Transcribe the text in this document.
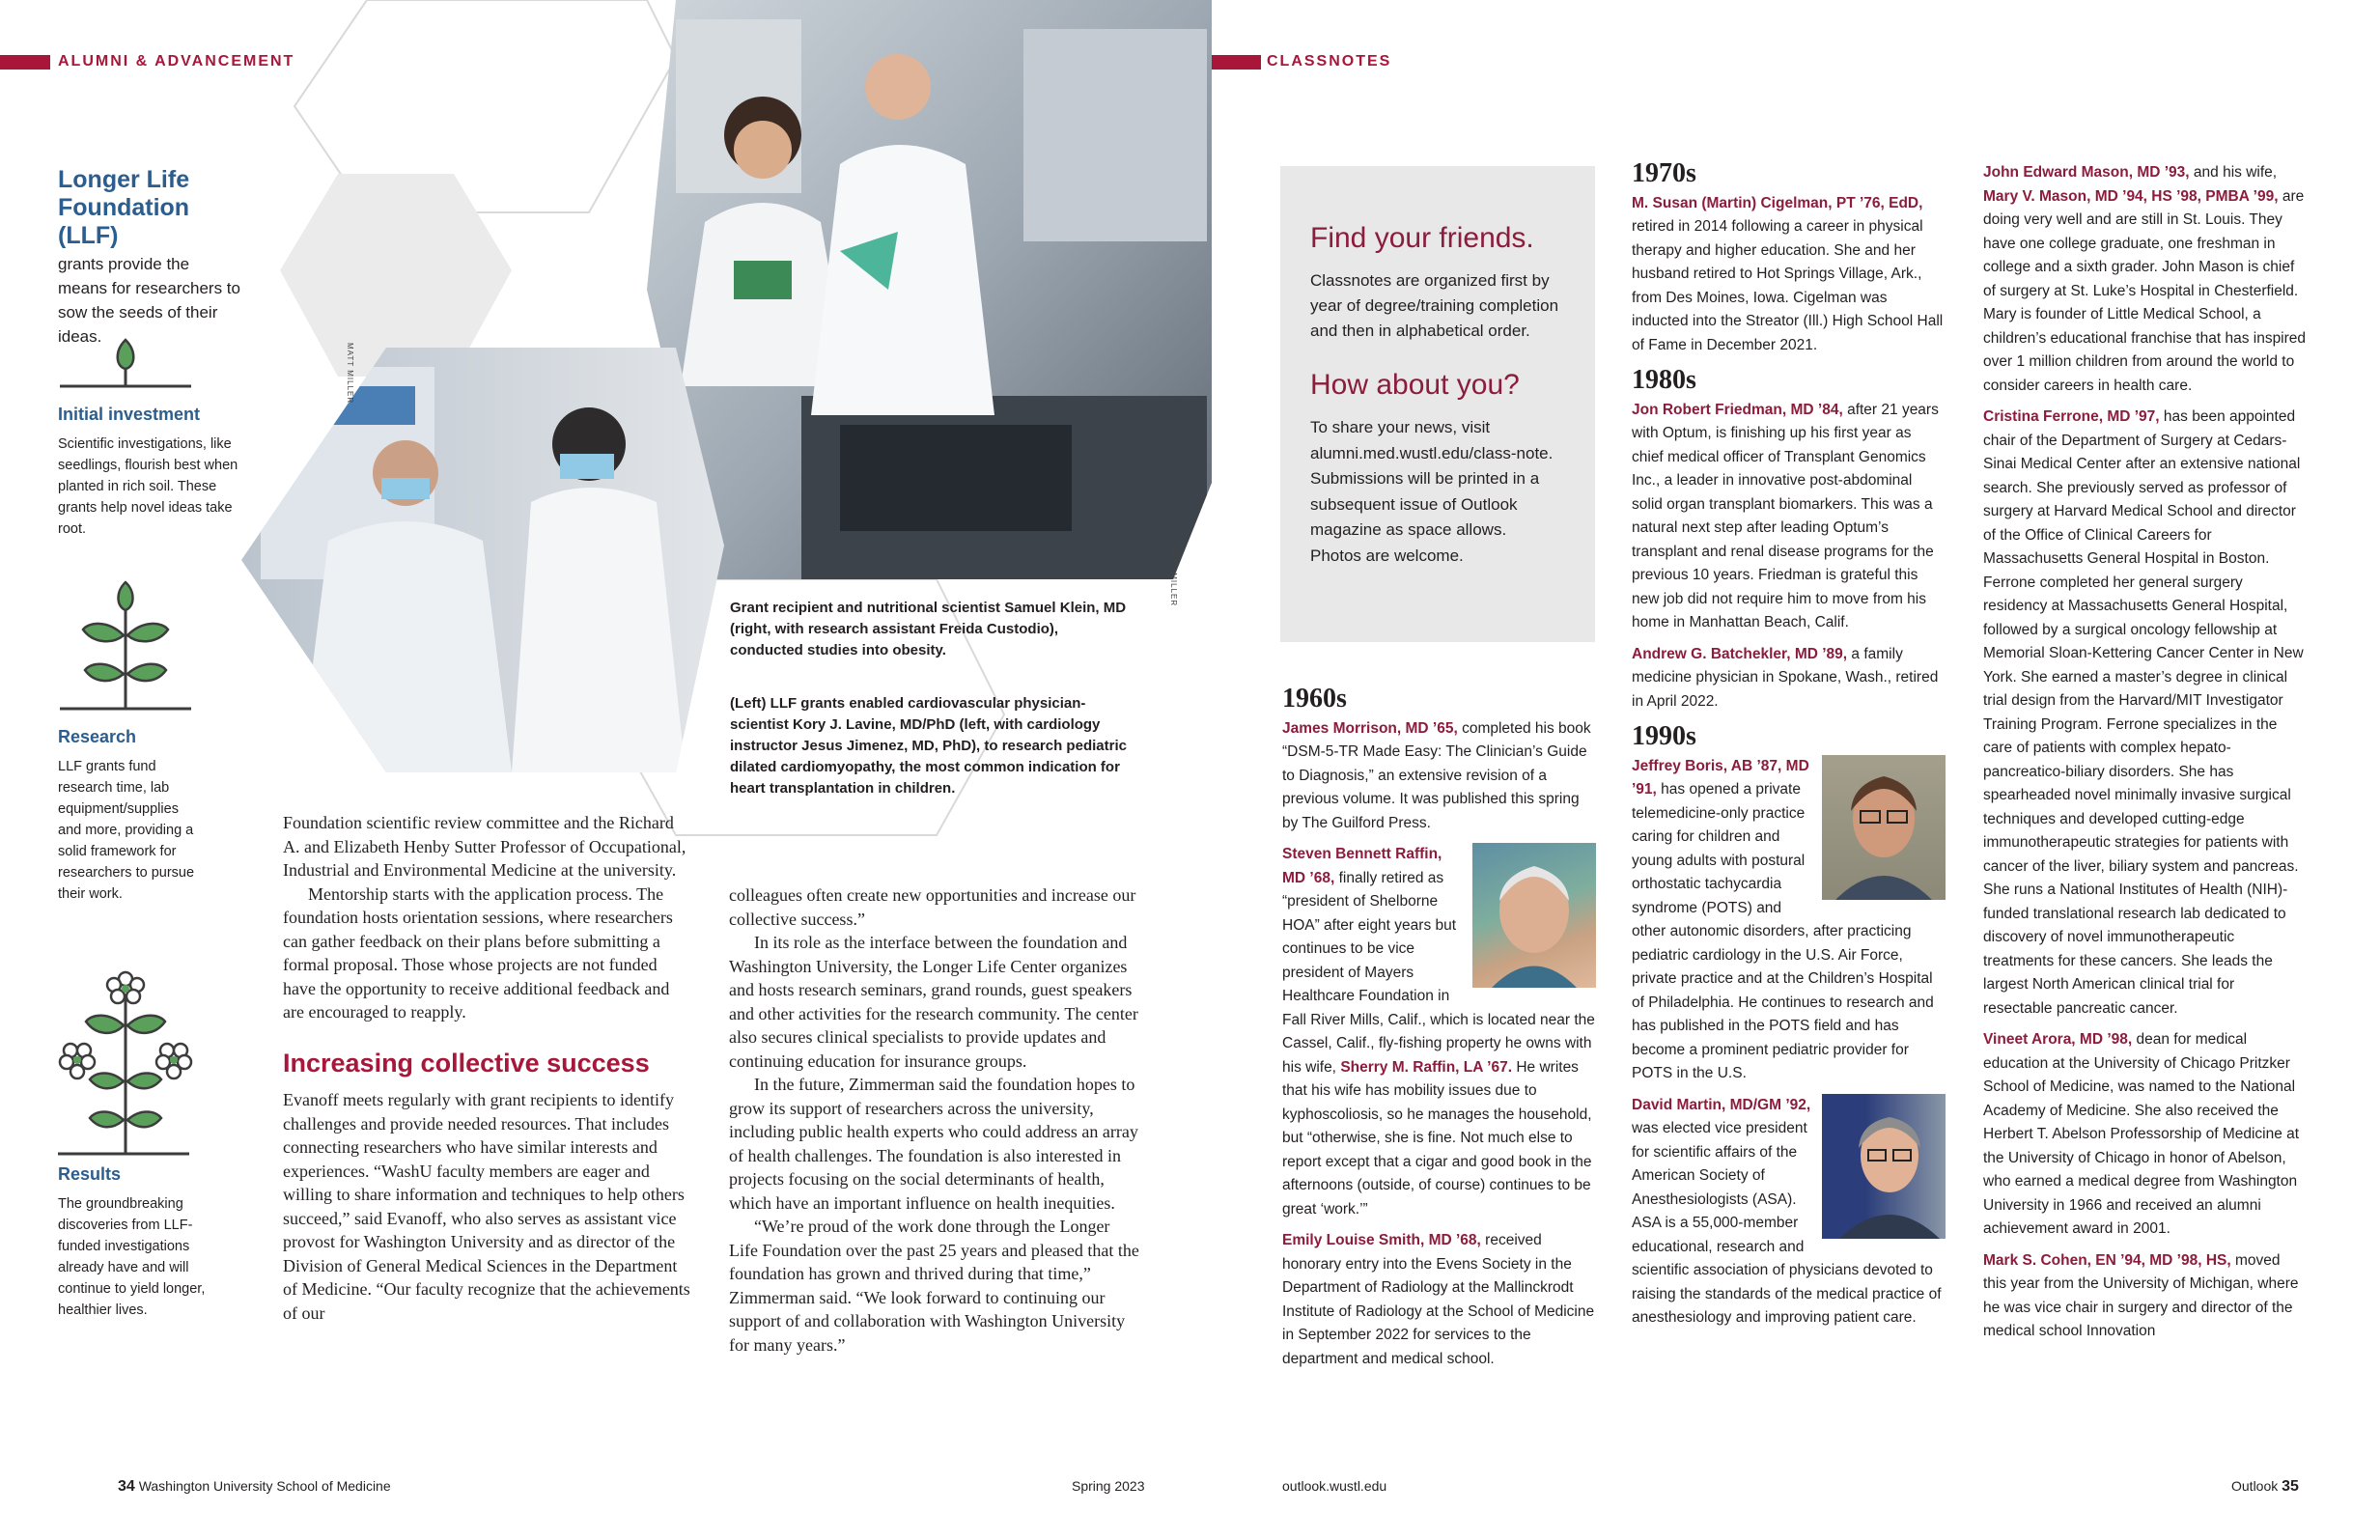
ALUMNI & ADVANCEMENT	CLASSNOTES
MATT MILLER
MATT MILLER
Longer Life Foundation (LLF)
grants provide the means for researchers to sow the seeds of their ideas.
Initial investment
Scientific investigations, like seedlings, flourish best when planted in rich soil. These grants help novel ideas take root.
Research
LLF grants fund research time, lab equipment/supplies and more, providing a solid framework for researchers to pursue their work.
Results
The groundbreaking discoveries from LLF-funded investigations already have and will continue to yield longer, healthier lives.
Grant recipient and nutritional scientist Samuel Klein, MD (right, with research assistant Freida Custodio), conducted studies into obesity.
(Left) LLF grants enabled cardiovascular physician-scientist Kory J. Lavine, MD/PhD (left, with cardiology instructor Jesus Jimenez, MD, PhD), to research pediatric dilated cardiomyopathy, the most common indication for heart transplantation in children.

Foundation scientific review committee and the Richard A. and Elizabeth Henby Sutter Professor of Occupational, Industrial and Environmental Medicine at the university.

Mentorship starts with the application process. The foundation hosts orientation sessions, where researchers can gather feedback on their plans before submitting a formal proposal. Those whose projects are not funded have the opportunity to receive additional feedback and are encouraged to reapply.

Increasing collective success

Evanoff meets regularly with grant recipients to identify challenges and provide needed resources. That includes connecting researchers who have similar interests and experiences. “WashU faculty members are eager and willing to share information and techniques to help others succeed,” said Evanoff, who also serves as assistant vice provost for Washington University and as director of the Division of General Medical Sciences in the Department of Medicine. “Our faculty recognize that the achievements of our

colleagues often create new opportunities and increase our collective success.”

In its role as the interface between the foundation and Washington University, the Longer Life Center organizes and hosts research seminars, grand rounds, guest speakers and other activities for the research community. The center also secures clinical specialists to provide updates and continuing education for insurance groups.

In the future, Zimmerman said the foundation hopes to grow its support of researchers across the university, including public health experts who could address an array of health challenges. The foundation is also interested in projects focusing on the social determinants of health, which have an important influence on health inequities.

“We’re proud of the work done through the Longer Life Foundation over the past 25 years and pleased that the foundation has grown and thrived during that time,” Zimmerman said. “We look forward to continuing our support of and collaboration with Washington University for many years.”

Find your friends.
Classnotes are organized first by year of degree/training completion and then in alphabetical order.
How about you?
To share your news, visit alumni.med.wustl.edu/class-note. Submissions will be printed in a subsequent issue of Outlook magazine as space allows. Photos are welcome.
1960s

James Morrison, MD ’65, completed his book “DSM-5-TR Made Easy: The Clinician’s Guide to Diagnosis,” an extensive revision of a previous volume. It was published this spring by The Guilford Press.

Steven Bennett Raffin, MD ’68, finally retired as “president of Shelborne HOA” after eight years but continues to be vice president of Mayers Healthcare Foundation in Fall River Mills, Calif., which is located near the Cassel, Calif., fly-fishing property he owns with his wife, Sherry M. Raffin, LA ’67. He writes that his wife has mobility issues due to kyphoscoliosis, so he manages the household, but “otherwise, she is fine. Not much else to report except that a cigar and good book in the afternoons (outside, of course) continues to be great ‘work.’”

Emily Louise Smith, MD ’68, received honorary entry into the Evens Society in the Department of Radiology at the Mallinckrodt Institute of Radiology at the School of Medicine in September 2022 for services to the department and medical school.

1970s

M. Susan (Martin) Cigelman, PT ’76, EdD, retired in 2014 following a career in physical therapy and higher education. She and her husband retired to Hot Springs Village, Ark., from Des Moines, Iowa. Cigelman was inducted into the Streator (Ill.) High School Hall of Fame in December 2021.

1980s

Jon Robert Friedman, MD ’84, after 21 years with Optum, is finishing up his first year as chief medical officer of Transplant Genomics Inc., a leader in innovative post-abdominal solid organ transplant biomarkers. This was a natural next step after leading Optum’s transplant and renal disease programs for the previous 10 years. Friedman is grateful this new job did not require him to move from his home in Manhattan Beach, Calif.

Andrew G. Batchekler, MD ’89, a family medicine physician in Spokane, Wash., retired in April 2022.

1990s

Jeffrey Boris, AB ’87, MD ’91, has opened a private telemedicine-only practice caring for children and young adults with postural orthostatic tachycardia syndrome (POTS) and other autonomic disorders, after practicing pediatric cardiology in the U.S. Air Force, private practice and at the Children’s Hospital of Philadelphia. He continues to research and has published in the POTS field and has become a prominent pediatric provider for POTS in the U.S.

David Martin, MD/GM ’92, was elected vice president for scientific affairs of the American Society of Anesthesiologists (ASA). ASA is a 55,000-member educational, research and scientific association of physicians devoted to raising the standards of the medical practice of anesthesiology and improving patient care.

John Edward Mason, MD ’93, and his wife, Mary V. Mason, MD ’94, HS ’98, PMBA ’99, are doing very well and are still in St. Louis. They have one college graduate, one freshman in college and a sixth grader. John Mason is chief of surgery at St. Luke’s Hospital in Chesterfield. Mary is founder of Little Medical School, a children’s educational franchise that has inspired over 1 million children from around the world to consider careers in health care.

Cristina Ferrone, MD ’97, has been appointed chair of the Department of Surgery at Cedars-Sinai Medical Center after an extensive national search. She previously served as professor of surgery at Harvard Medical School and director of the Office of Clinical Careers for Massachusetts General Hospital in Boston. Ferrone completed her general surgery residency at Massachusetts General Hospital, followed by a surgical oncology fellowship at Memorial Sloan-Kettering Cancer Center in New York. She earned a master’s degree in clinical trial design from the Harvard/MIT Investigator Training Program. Ferrone specializes in the care of patients with complex hepato-pancreatico-biliary disorders. She has spearheaded novel minimally invasive surgical techniques and developed cutting-edge immunotherapeutic strategies for patients with cancer of the liver, biliary system and pancreas. She runs a National Institutes of Health (NIH)-funded translational research lab dedicated to discovery of novel immunotherapeutic treatments for these cancers. She leads the largest North American clinical trial for resectable pancreatic cancer.

Vineet Arora, MD ’98, dean for medical education at the University of Chicago Pritzker School of Medicine, was named to the National Academy of Medicine. She also received the Herbert T. Abelson Professorship of Medicine at the University of Chicago in honor of Abelson, who earned a medical degree from Washington University in 1966 and received an alumni achievement award in 2001.

Mark S. Cohen, EN ’94, MD ’98, HS, moved this year from the University of Michigan, where he was vice chair in surgery and director of the medical school Innovation

34 Washington University School of Medicine	Spring 2023	outlook.wustl.edu	Outlook 35
